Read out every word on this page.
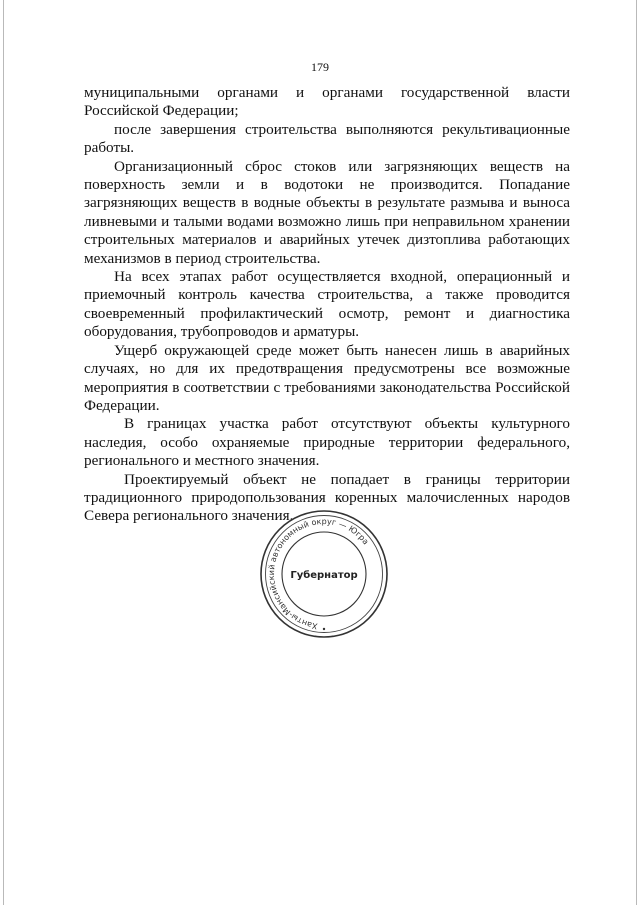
179

муниципальными органами и органами государственной власти Российской Федерации;

после завершения строительства выполняются рекультивационные работы.

Организационный сброс стоков или загрязняющих веществ на поверхность земли и в водотоки не производится. Попадание загрязняющих веществ в водные объекты в результате размыва и выноса ливневыми и талыми водами возможно лишь при неправильном хранении строительных материалов и аварийных утечек дизтоплива работающих механизмов в период строительства.

На всех этапах работ осуществляется входной, операционный и приемочный контроль качества строительства, а также проводится своевременный профилактический осмотр, ремонт и диагностика оборудования, трубопроводов и арматуры.

Ущерб окружающей среде может быть нанесен лишь в аварийных случаях, но для их предотвращения предусмотрены все возможные мероприятия в соответствии с требованиями законодательства Российской Федерации.

В границах участка работ отсутствуют объекты культурного наследия, особо охраняемые природные территории федерального, регионального и местного значения.

Проектируемый объект не попадает в границы территории традиционного природопользования коренных малочисленных народов Севера регионального значения.

Ханты-Мансийский автономный округ — Югра
Губернатор
